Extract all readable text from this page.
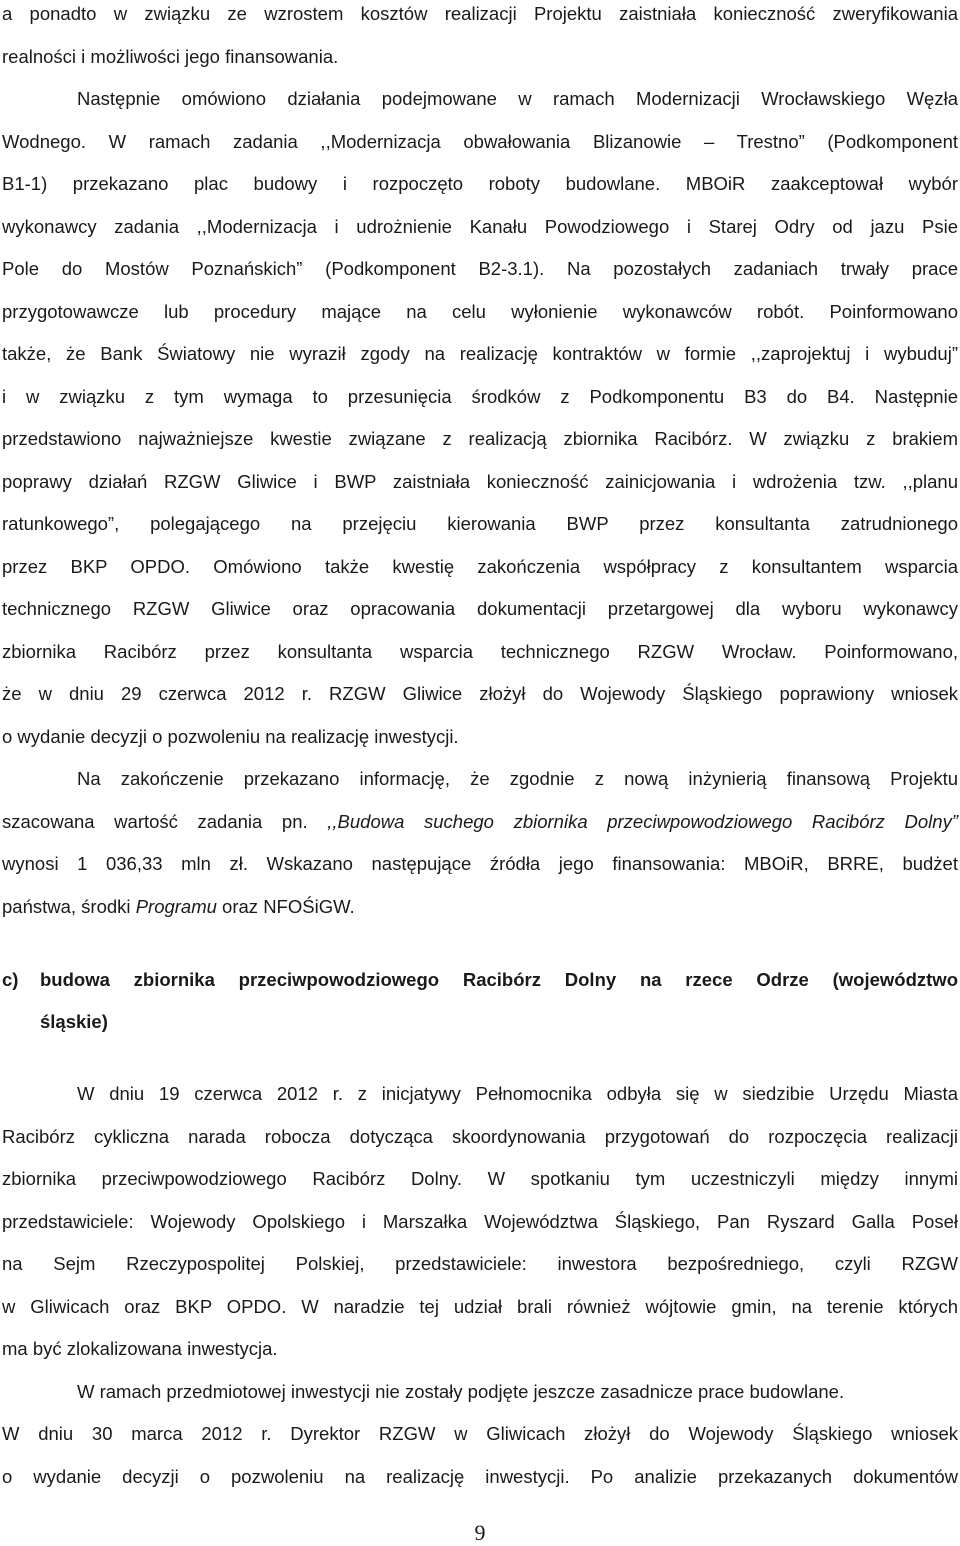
a ponadto w związku ze wzrostem kosztów realizacji Projektu zaistniała konieczność zweryfikowania

realności i możliwości jego finansowania.

Następnie omówiono działania podejmowane w ramach Modernizacji Wrocławskiego Węzła

Wodnego. W ramach zadania ,,Modernizacja obwałowania Blizanowie – Trestno” (Podkomponent

B1-1) przekazano plac budowy i rozpoczęto roboty budowlane. MBOiR zaakceptował wybór

wykonawcy zadania ,,Modernizacja i udrożnienie Kanału Powodziowego i Starej Odry od jazu Psie

Pole do Mostów Poznańskich” (Podkomponent B2-3.1). Na pozostałych zadaniach trwały prace

przygotowawcze lub procedury mające na celu wyłonienie wykonawców robót. Poinformowano

także, że Bank Światowy nie wyraził zgody na realizację kontraktów w formie ,,zaprojektuj i wybuduj”

i w związku z tym wymaga to przesunięcia środków z Podkomponentu B3 do B4. Następnie

przedstawiono najważniejsze kwestie związane z realizacją zbiornika Racibórz. W związku z brakiem

poprawy działań RZGW Gliwice i BWP zaistniała konieczność zainicjowania i wdrożenia tzw. ,,planu

ratunkowego”, polegającego na przejęciu kierowania BWP przez konsultanta zatrudnionego

przez BKP OPDO. Omówiono także kwestię zakończenia współpracy z konsultantem wsparcia

technicznego RZGW Gliwice oraz opracowania dokumentacji przetargowej dla wyboru wykonawcy

zbiornika Racibórz przez konsultanta wsparcia technicznego RZGW Wrocław. Poinformowano,

że w dniu 29 czerwca 2012 r. RZGW Gliwice złożył do Wojewody Śląskiego poprawiony wniosek

o wydanie decyzji o pozwoleniu na realizację inwestycji.

Na zakończenie przekazano informację, że zgodnie z nową inżynierią finansową Projektu

szacowana wartość zadania pn. ,,Budowa suchego zbiornika przeciwpowodziowego Racibórz Dolny”

wynosi 1 036,33 mln zł. Wskazano następujące źródła jego finansowania: MBOiR, BRRE, budżet

państwa, środki Programu oraz NFOŚiGW.

c) budowa zbiornika przeciwpowodziowego Racibórz Dolny na rzece Odrze (województwo

śląskie)

W dniu 19 czerwca 2012 r. z inicjatywy Pełnomocnika odbyła się w siedzibie Urzędu Miasta

Racibórz cykliczna narada robocza dotycząca skoordynowania przygotowań do rozpoczęcia realizacji

zbiornika przeciwpowodziowego Racibórz Dolny. W spotkaniu tym uczestniczyli między innymi

przedstawiciele: Wojewody Opolskiego i Marszałka Województwa Śląskiego, Pan Ryszard Galla Poseł

na Sejm Rzeczypospolitej Polskiej, przedstawiciele: inwestora bezpośredniego, czyli RZGW

w Gliwicach oraz BKP OPDO. W naradzie tej udział brali również wójtowie gmin, na terenie których

ma być zlokalizowana inwestycja.

W ramach przedmiotowej inwestycji nie zostały podjęte jeszcze zasadnicze prace budowlane.

W dniu 30 marca 2012 r. Dyrektor RZGW w Gliwicach złożył do Wojewody Śląskiego wniosek

o wydanie decyzji o pozwoleniu na realizację inwestycji. Po analizie przekazanych dokumentów

9
